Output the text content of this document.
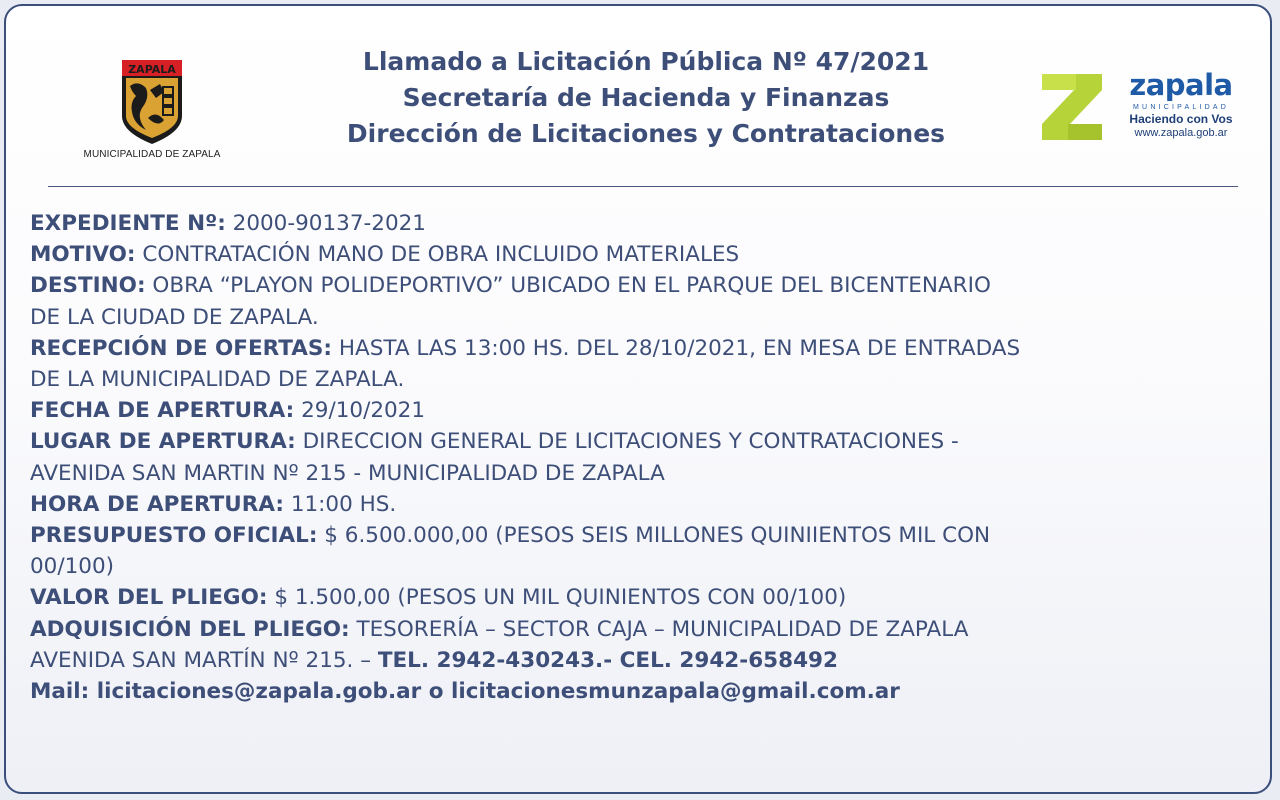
ZAPALA
MUNICIPALIDAD DE ZAPALA
Llamado a Licitación Pública Nº 47/2021
Secretaría de Hacienda y Finanzas
Dirección de Licitaciones y Contrataciones
zapala
MUNICIPALIDAD
Haciendo con Vos
www.zapala.gob.ar
EXPEDIENTE Nº: 2000-90137-2021
MOTIVO: CONTRATACIÓN MANO DE OBRA INCLUIDO MATERIALES
DESTINO: OBRA “PLAYON POLIDEPORTIVO” UBICADO EN EL PARQUE DEL BICENTENARIO
DE LA CIUDAD DE ZAPALA.
RECEPCIÓN DE OFERTAS: HASTA LAS 13:00 HS. DEL 28/10/2021, EN MESA DE ENTRADAS
DE LA MUNICIPALIDAD DE ZAPALA.
FECHA DE APERTURA: 29/10/2021
LUGAR DE APERTURA: DIRECCION GENERAL DE LICITACIONES Y CONTRATACIONES -
AVENIDA SAN MARTIN Nº 215 - MUNICIPALIDAD DE ZAPALA
HORA DE APERTURA: 11:00 HS.
PRESUPUESTO OFICIAL: $ 6.500.000,00 (PESOS SEIS MILLONES QUINIIENTOS MIL CON
00/100)
VALOR DEL PLIEGO: $ 1.500,00 (PESOS UN MIL QUINIENTOS CON 00/100)
ADQUISICIÓN DEL PLIEGO: TESORERÍA – SECTOR CAJA – MUNICIPALIDAD DE ZAPALA
AVENIDA SAN MARTÍN Nº 215. – TEL. 2942-430243.- CEL. 2942-658492
Mail: licitaciones@zapala.gob.ar o licitacionesmunzapala@gmail.com.ar
